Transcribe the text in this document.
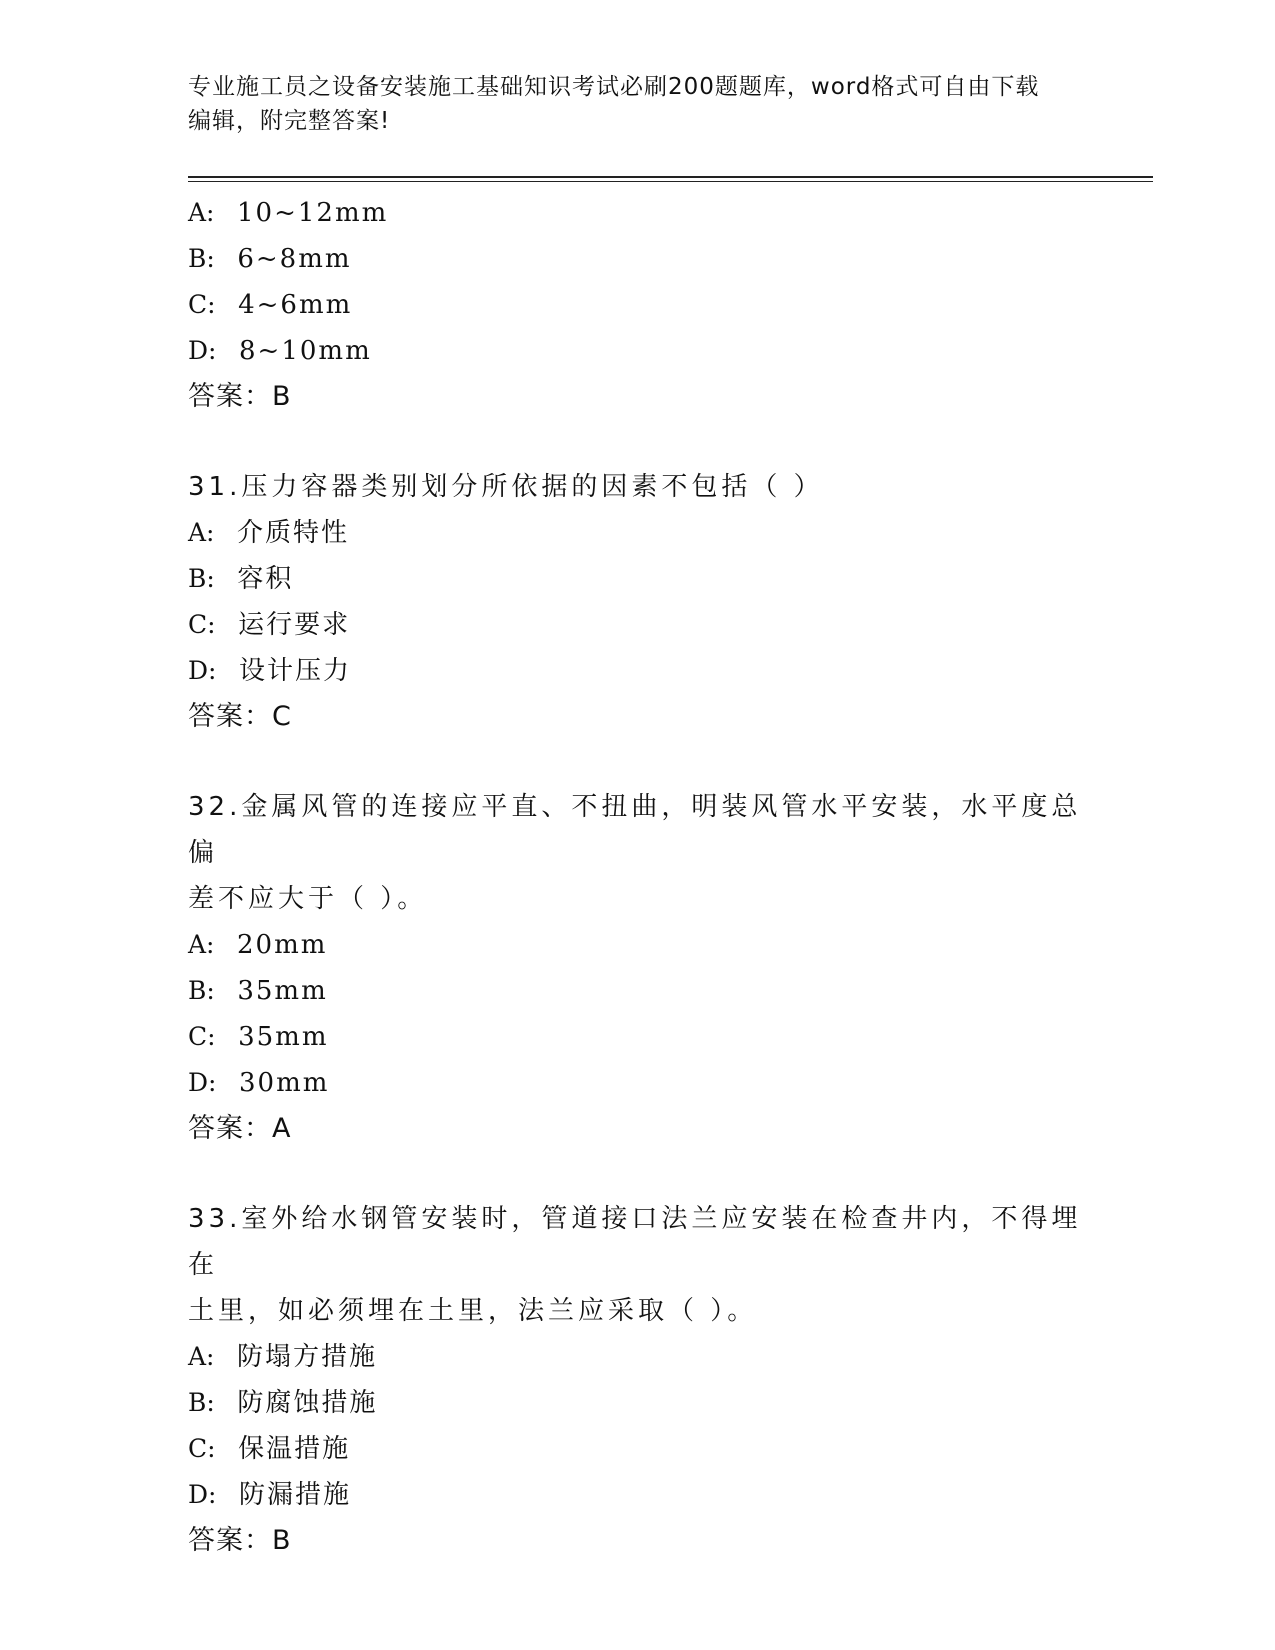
专业施工员之设备安装施工基础知识考试必刷200题题库，word格式可自由下载
编辑，附完整答案!
A: 10~12mm
B: 6~8mm
C: 4~6mm
D: 8~10mm
答案：B
31.压力容器类别划分所依据的因素不包括（ ）
A: 介质特性
B: 容积
C: 运行要求
D: 设计压力
答案：C
32.金属风管的连接应平直、不扭曲，明装风管水平安装，水平度总偏
差不应大于（ ）。
A: 20mm
B: 35mm
C: 35mm
D: 30mm
答案：A
33.室外给水钢管安装时，管道接口法兰应安装在检查井内，不得埋在
土里，如必须埋在土里，法兰应采取（ ）。
A: 防塌方措施
B: 防腐蚀措施
C: 保温措施
D: 防漏措施
答案：B
